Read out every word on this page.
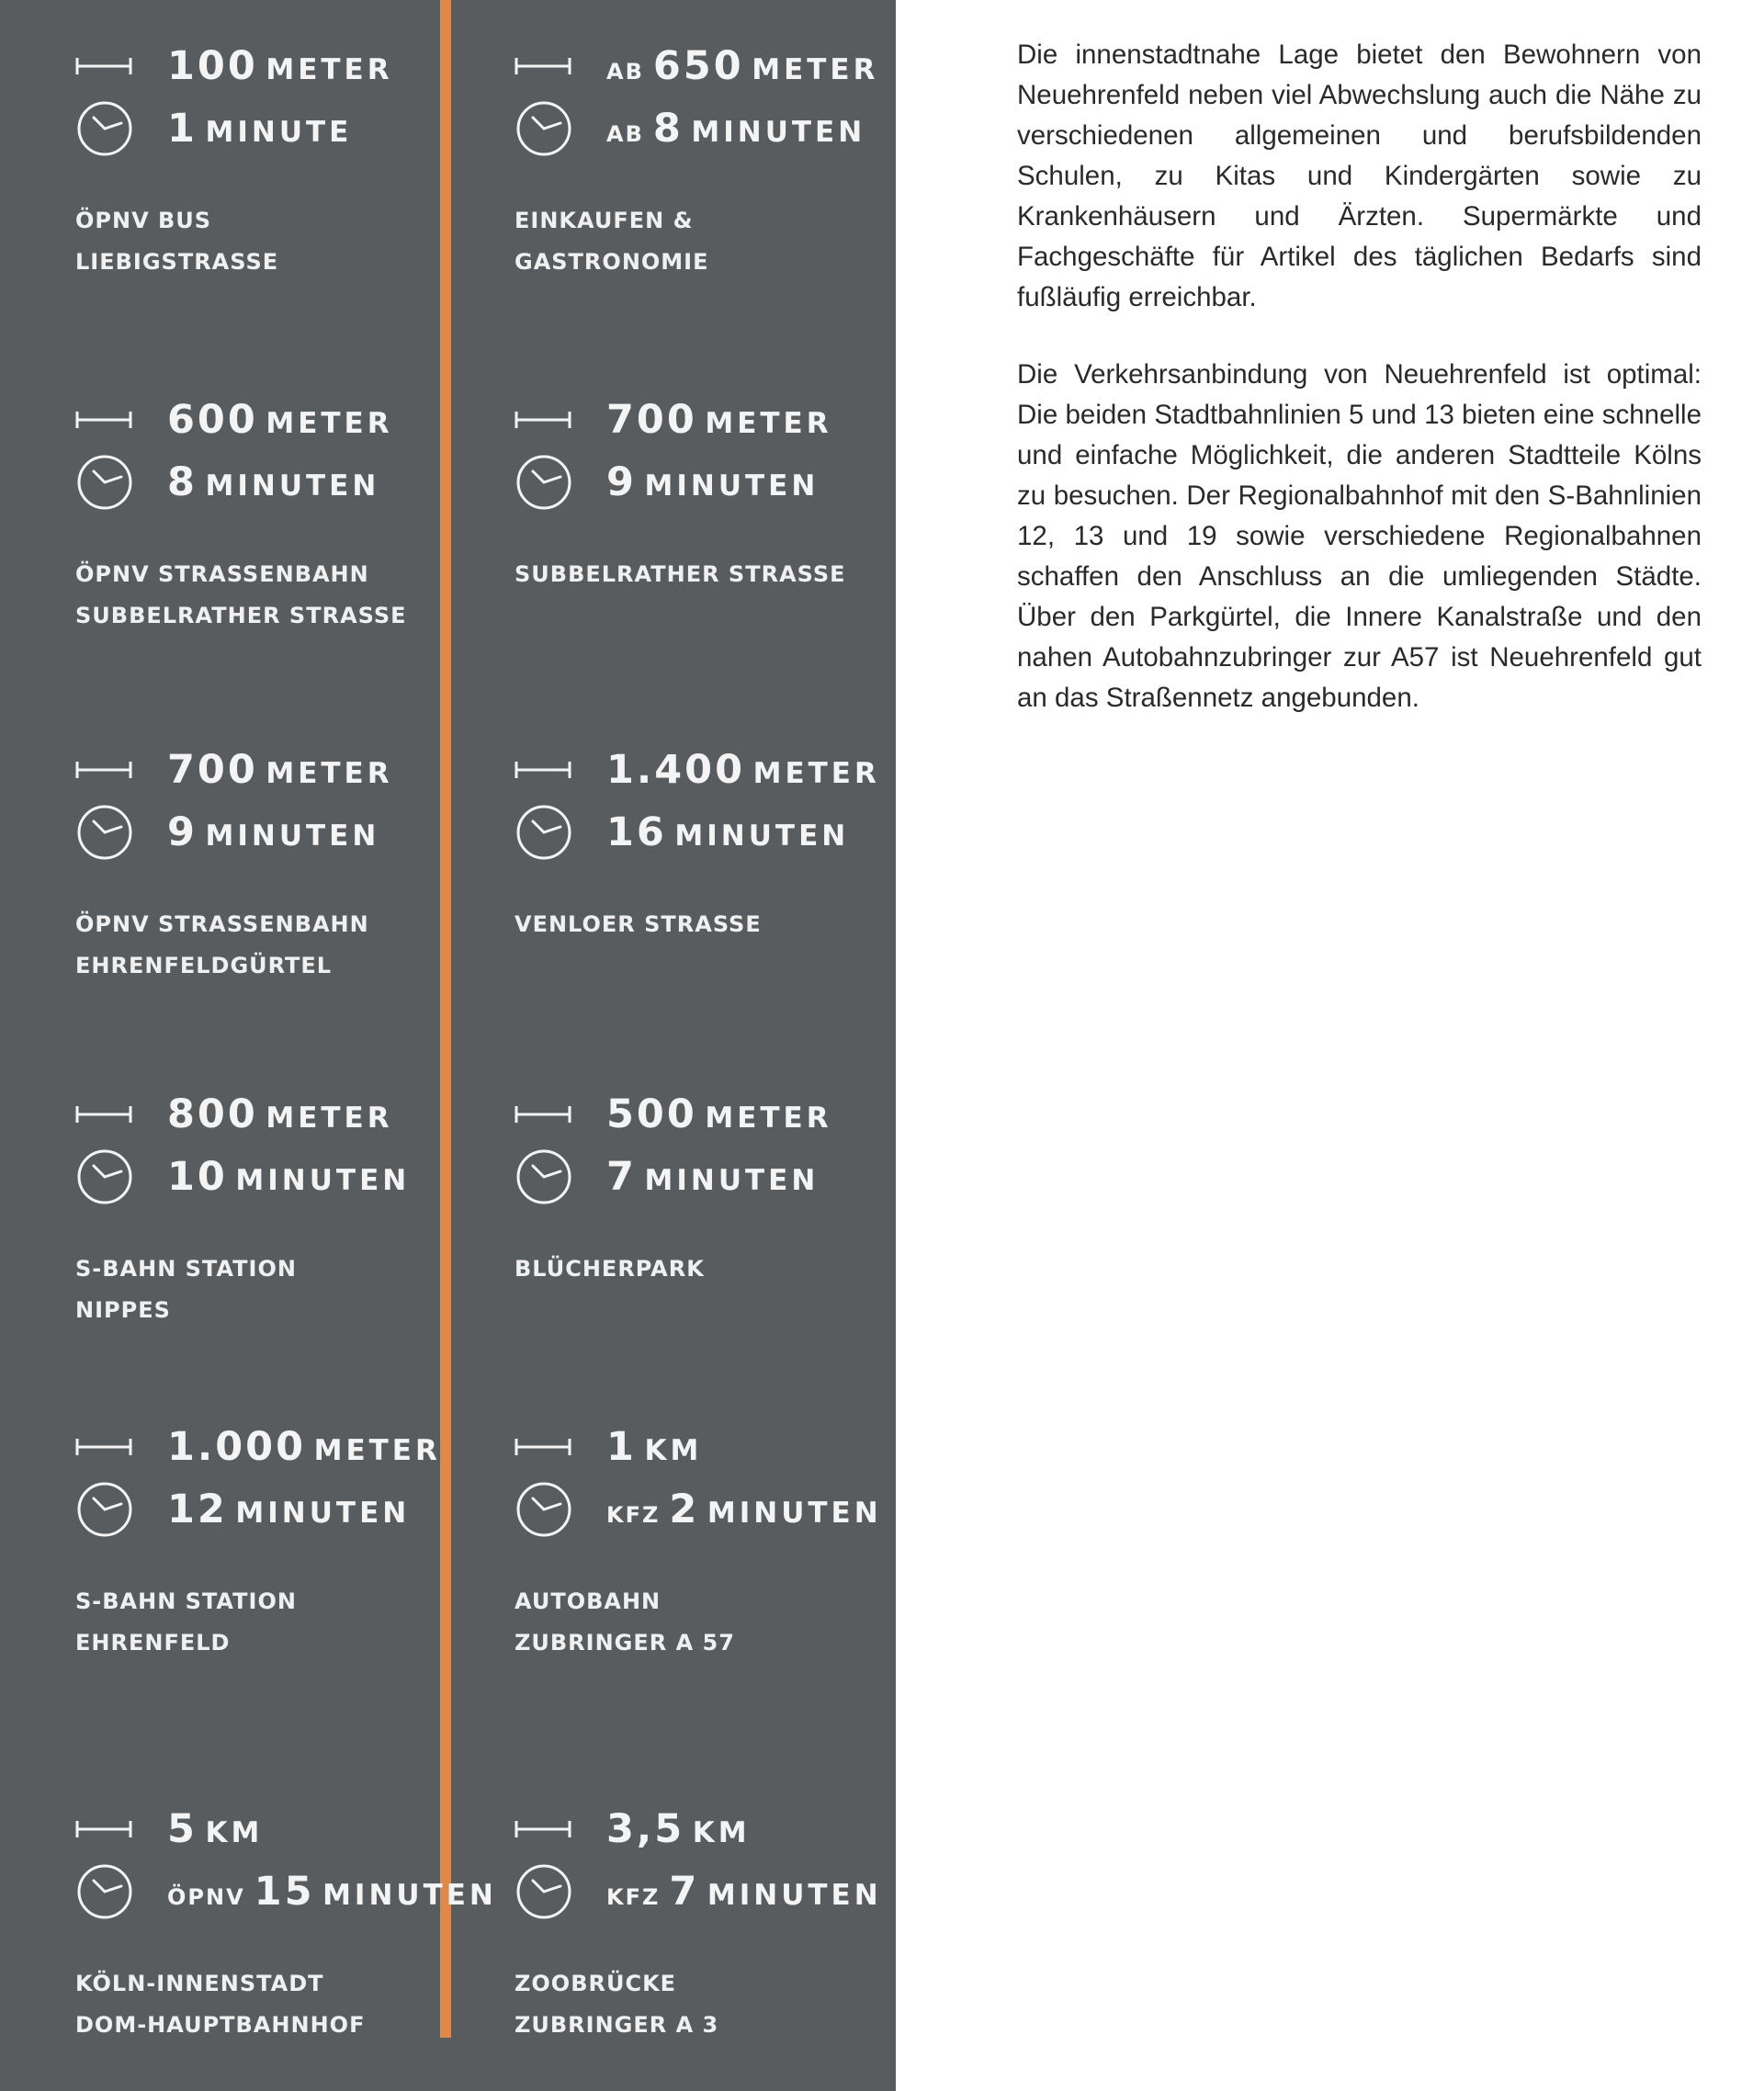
100 METER
1 MINUTE
ÖPNV BUS
LIEBIGSTRASSE
600 METER
8 MINUTEN
ÖPNV STRASSENBAHN
SUBBELRATHER STRASSE
700 METER
9 MINUTEN
ÖPNV STRASSENBAHN
EHRENFELDGÜRTEL
800 METER
10 MINUTEN
S-BAHN STATION
NIPPES
1.000 METER
12 MINUTEN
S-BAHN STATION
EHRENFELD
5 KM
ÖPNV 15 MINUTEN
KÖLN-INNENSTADT
DOM-HAUPTBAHNHOF
AB 650 METER
AB 8 MINUTEN
EINKAUFEN &
GASTRONOMIE
700 METER
9 MINUTEN
SUBBELRATHER STRASSE
1.400 METER
16 MINUTEN
VENLOER STRASSE
500 METER
7 MINUTEN
BLÜCHERPARK
1 KM
KFZ 2 MINUTEN
AUTOBAHN
ZUBRINGER A 57
3,5 KM
KFZ 7 MINUTEN
ZOOBRÜCKE
ZUBRINGER A 3

Die innenstadtnahe Lage bietet den Bewohnern von Neuehrenfeld neben viel Abwechslung auch die Nähe zu verschiedenen allgemeinen und berufsbildenden Schulen, zu Kitas und Kindergärten sowie zu Krankenhäusern und Ärzten. Supermärkte und Fachgeschäfte für Artikel des täglichen Bedarfs sind fußläufig erreichbar.

Die Verkehrsanbindung von Neuehrenfeld ist optimal: Die beiden Stadtbahnlinien 5 und 13 bieten eine schnelle und einfache Möglichkeit, die anderen Stadtteile Kölns zu besuchen. Der Regionalbahnhof mit den S-Bahnlinien 12, 13 und 19 sowie verschiedene Regionalbahnen schaffen den Anschluss an die umliegenden Städte. Über den Parkgürtel, die Innere Kanalstraße und den nahen Autobahnzubringer zur A57 ist Neuehrenfeld gut an das Straßennetz angebunden.
